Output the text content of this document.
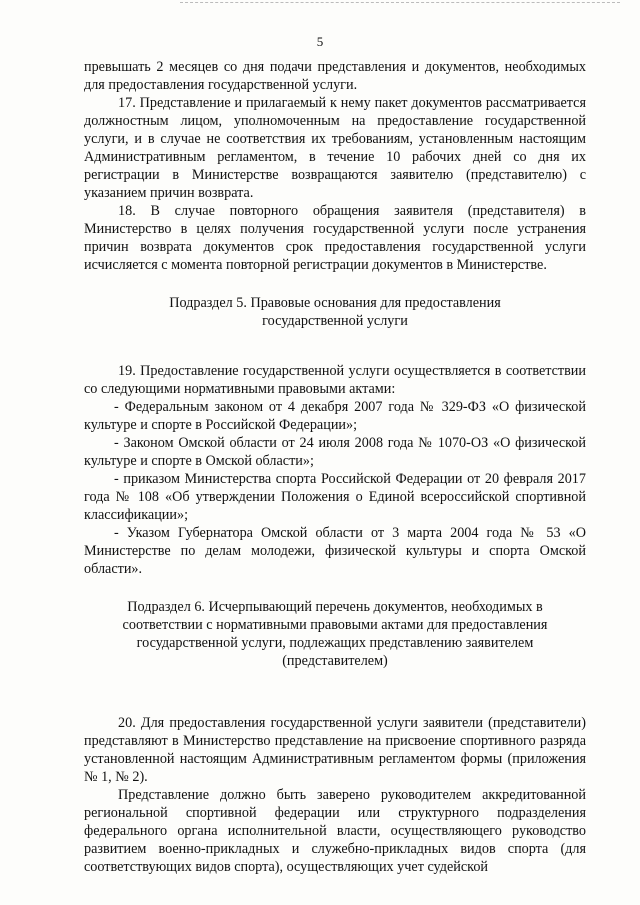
5

превышать 2 месяцев со дня подачи представления и документов, необходимых для предоставления государственной услуги.

17. Представление и прилагаемый к нему пакет документов рассматривается должностным лицом, уполномоченным на предоставление государственной услуги, и в случае не соответствия их требованиям, установленным настоящим Административным регламентом, в течение 10 рабочих дней со дня их регистрации в Министерстве возвращаются заявителю (представителю) с указанием причин возврата.

18. В случае повторного обращения заявителя (представителя) в Министерство в целях получения государственной услуги после устранения причин возврата документов срок предоставления государственной услуги исчисляется с момента повторной регистрации документов в Министерстве.

Подраздел 5. Правовые основания для предоставления
государственной услуги

19. Предоставление государственной услуги осуществляется в соответствии со следующими нормативными правовыми актами:

- Федеральным законом от 4 декабря 2007 года № 329-ФЗ «О физической культуре и спорте в Российской Федерации»;

- Законом Омской области от 24 июля 2008 года № 1070-ОЗ «О физической культуре и спорте в Омской области»;

- приказом Министерства спорта Российской Федерации от 20 февраля 2017 года № 108 «Об утверждении Положения о Единой всероссийской спортивной классификации»;

- Указом Губернатора Омской области от 3 марта 2004 года № 53 «О Министерстве по делам молодежи, физической культуры и спорта Омской области».

Подраздел 6. Исчерпывающий перечень документов, необходимых в
соответствии с нормативными правовыми актами для предоставления
государственной услуги, подлежащих представлению заявителем
(представителем)

20. Для предоставления государственной услуги заявители (представители) представляют в Министерство представление на присвоение спортивного разряда установленной настоящим Административным регламентом формы (приложения № 1, № 2).

Представление должно быть заверено руководителем аккредитованной региональной спортивной федерации или структурного подразделения федерального органа исполнительной власти, осуществляющего руководство развитием военно-прикладных и служебно-прикладных видов спорта (для соответствующих видов спорта), осуществляющих учет судейской
